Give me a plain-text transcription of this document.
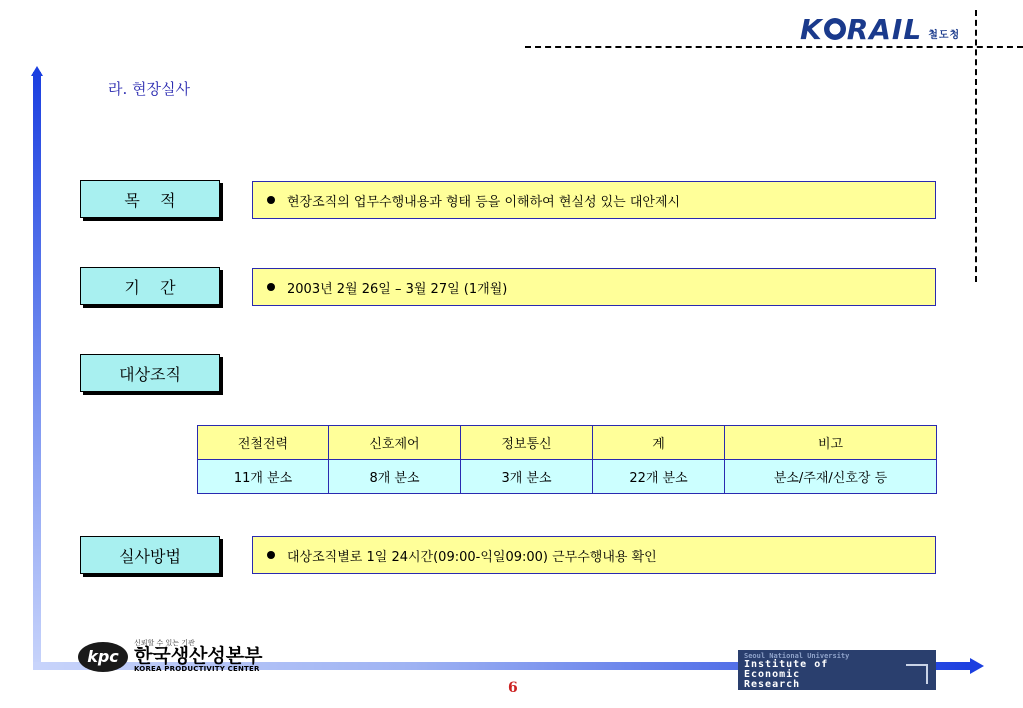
K RAIL 철도청
라. 현장실사
목    적	현장조직의 업무수행내용과 형태 등을 이해하여 현실성 있는 대안제시
기    간	2003년 2월 26일 – 3월 27일 (1개월)
대상조직
전철전력	신호제어	정보통신	계	비고
11개 분소	8개 분소	3개 분소	22개 분소	분소/주재/신호장 등
실사방법	대상조직별로 1일 24시간(09:00-익일09:00) 근무수행내용 확인
kpc
신뢰할 수 있는 기관
한국생산성본부
KOREA PRODUCTIVITY CENTER
6
Seoul National University
Institute of
Economic
Research
